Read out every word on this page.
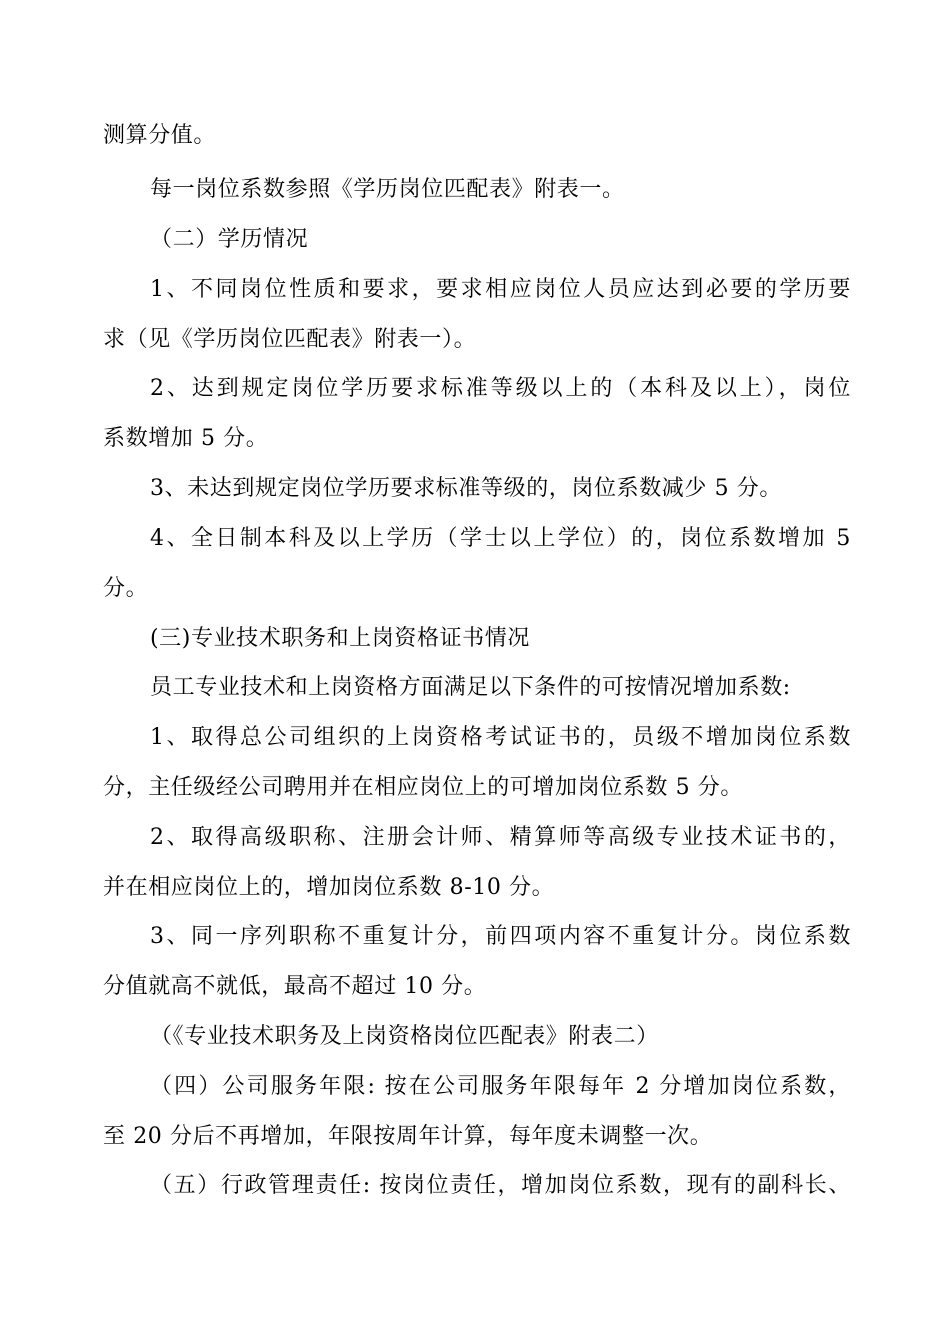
测算分值。
每一岗位系数参照《学历岗位匹配表》附表一。
（二）学历情况
1、不同岗位性质和要求，要求相应岗位人员应达到必要的学历要
求（见《学历岗位匹配表》附表一）。
2、达到规定岗位学历要求标准等级以上的（本科及以上），岗位
系数增加 5 分。
3、未达到规定岗位学历要求标准等级的，岗位系数减少 5 分。
4、全日制本科及以上学历（学士以上学位）的，岗位系数增加 5
分。
(三)专业技术职务和上岗资格证书情况
员工专业技术和上岗资格方面满足以下条件的可按情况增加系数:
1、取得总公司组织的上岗资格考试证书的，员级不增加岗位系数
分，主任级经公司聘用并在相应岗位上的可增加岗位系数 5 分。
2、取得高级职称、注册会计师、精算师等高级专业技术证书的，
并在相应岗位上的，增加岗位系数 8-10 分。
3、同一序列职称不重复计分，前四项内容不重复计分。岗位系数
分值就高不就低，最高不超过 10 分。
（《专业技术职务及上岗资格岗位匹配表》附表二）
（四）公司服务年限: 按在公司服务年限每年 2 分增加岗位系数，
至 20 分后不再增加，年限按周年计算，每年度未调整一次。
（五）行政管理责任: 按岗位责任，增加岗位系数，现有的副科长、
